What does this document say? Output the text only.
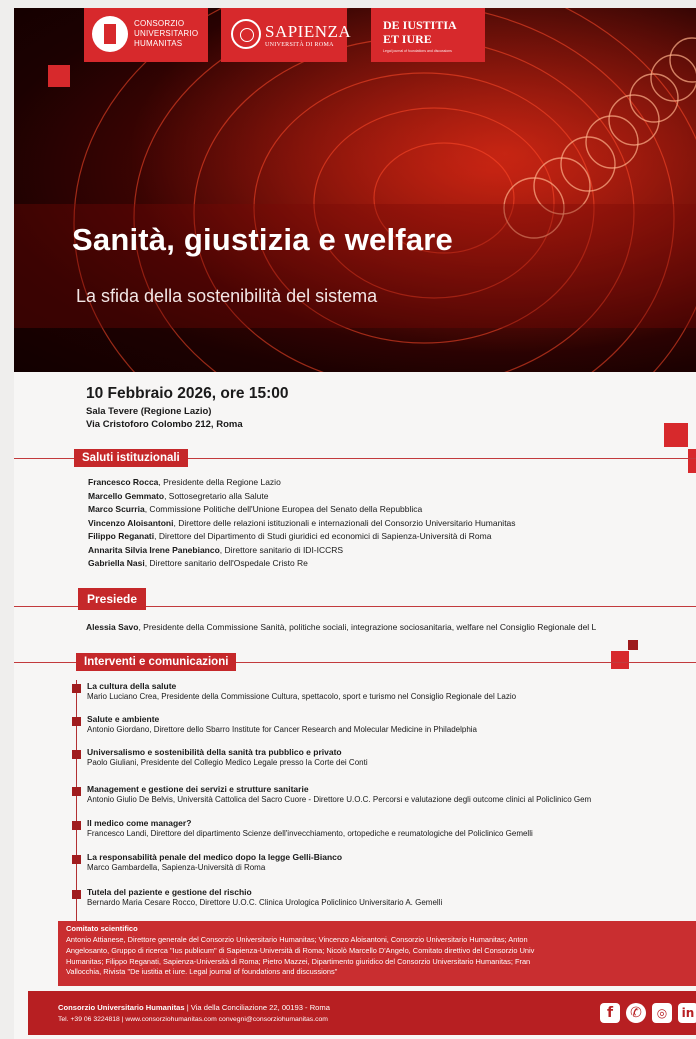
CONSORZIO
UNIVERSITARIO
HUMANITAS
SAPIENZA
UNIVERSITÀ DI ROMA
DE IUSTITIA
ET IURE
Legal journal of foundations and discussions
Sanità, giustizia e welfare
La sfida della sostenibilità del sistema
10 Febbraio 2026, ore 15:00
Sala Tevere (Regione Lazio)
Via Cristoforo Colombo 212, Roma
Saluti istituzionali
Francesco Rocca, Presidente della Regione Lazio
Marcello Gemmato, Sottosegretario alla Salute
Marco Scurria, Commissione Politiche dell'Unione Europea del Senato della Repubblica
Vincenzo Aloisantoni, Direttore delle relazioni istituzionali e internazionali del Consorzio Universitario Humanitas
Filippo Reganati, Direttore del Dipartimento di Studi giuridici ed economici di Sapienza-Università di Roma
Annarita Silvia Irene Panebianco, Direttore sanitario di IDI-ICCRS
Gabriella Nasi, Direttore sanitario dell'Ospedale Cristo Re
Presiede
Alessia Savo, Presidente della Commissione Sanità, politiche sociali, integrazione sociosanitaria, welfare nel Consiglio Regionale del L
Interventi e comunicazioni
La cultura della salute
Mario Luciano Crea, Presidente della Commissione Cultura, spettacolo, sport e turismo nel Consiglio Regionale del Lazio
Salute e ambiente
Antonio Giordano, Direttore dello Sbarro Institute for Cancer Research and Molecular Medicine in Philadelphia
Universalismo e sostenibilità della sanità tra pubblico e privato
Paolo Giuliani, Presidente del Collegio Medico Legale presso la Corte dei Conti
Management e gestione dei servizi e strutture sanitarie
Antonio Giulio De Belvis, Università Cattolica del Sacro Cuore - Direttore U.O.C. Percorsi e valutazione degli outcome clinici al Policlinico Gem
Il medico come manager?
Francesco Landi, Direttore del dipartimento Scienze dell'invecchiamento, ortopediche e reumatologiche del Policlinico Gemelli
La responsabilità penale del medico dopo la legge Gelli-Bianco
Marco Gambardella, Sapienza-Università di Roma
Tutela del paziente e gestione del rischio
Bernardo Maria Cesare Rocco, Direttore U.O.C. Clinica Urologica Policlinico Universitario A. Gemelli
Comitato scientifico
Antonio Attianese, Direttore generale del Consorzio Universitario Humanitas; Vincenzo Aloisantoni, Consorzio Universitario Humanitas; Anton
Angelosanto, Gruppo di ricerca "Ius publicum" di Sapienza-Università di Roma; Nicolò Marcello D'Angelo, Comitato direttivo del Consorzio Univ
Humanitas; Filippo Reganati, Sapienza-Università di Roma; Pietro Mazzei, Dipartimento giuridico del Consorzio Universitario Humanitas; Fran
Vallocchia, Rivista "De iustitia et iure. Legal journal of foundations and discussions"
Consorzio Universitario Humanitas | Via della Conciliazione 22, 00193 - Roma
Tel. +39 06 3224818 | www.consorziohumanitas.com convegni@consorziohumanitas.com	f	✆	◎	in
